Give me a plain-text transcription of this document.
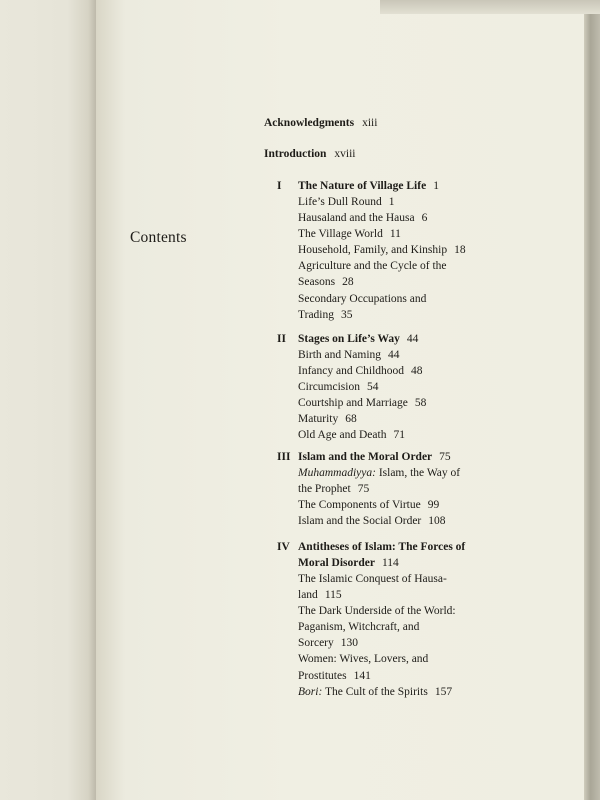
Contents
Acknowledgments xiii
Introduction xviii
I The Nature of Village Life 1
Life’s Dull Round 1
Hausaland and the Hausa 6
The Village World 11
Household, Family, and Kinship 18
Agriculture and the Cycle of the
Seasons 28
Secondary Occupations and
Trading 35
II Stages on Life’s Way 44
Birth and Naming 44
Infancy and Childhood 48
Circumcision 54
Courtship and Marriage 58
Maturity 68
Old Age and Death 71
III Islam and the Moral Order 75
Muhammadiyya: Islam, the Way of
the Prophet 75
The Components of Virtue 99
Islam and the Social Order 108
IV Antitheses of Islam: The Forces of
Moral Disorder 114
The Islamic Conquest of Hausa-
land 115
The Dark Underside of the World:
Paganism, Witchcraft, and
Sorcery 130
Women: Wives, Lovers, and
Prostitutes 141
Bori: The Cult of the Spirits 157
